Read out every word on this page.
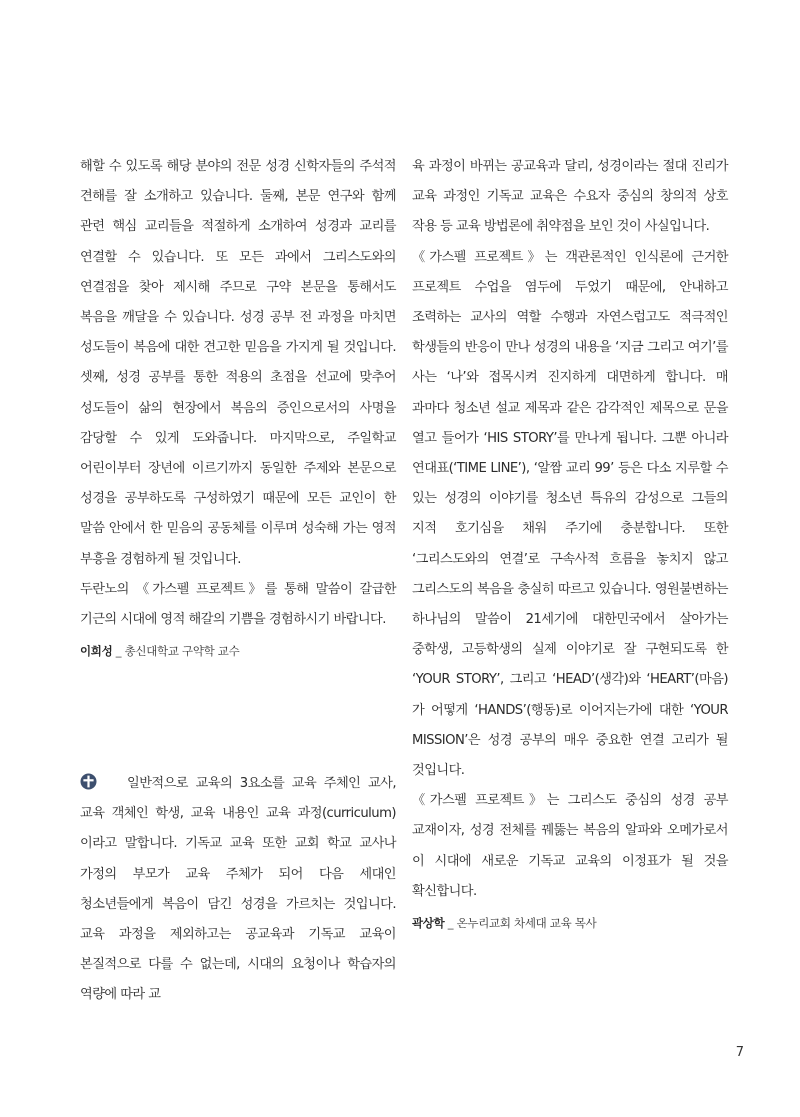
해할 수 있도록 해당 분야의 전문 성경 신학자들의 주석적 견해를 잘 소개하고 있습니다. 둘째, 본문 연구와 함께 관련 핵심 교리들을 적절하게 소개하여 성경과 교리를 연결할 수 있습니다. 또 모든 과에서 그리스도와의 연결점을 찾아 제시해 주므로 구약 본문을 통해서도 복음을 깨달을 수 있습니다. 성경 공부 전 과정을 마치면 성도들이 복음에 대한 견고한 믿음을 가지게 될 것입니다. 셋째, 성경 공부를 통한 적용의 초점을 선교에 맞추어 성도들이 삶의 현장에서 복음의 증인으로서의 사명을 감당할 수 있게 도와줍니다. 마지막으로, 주일학교 어린이부터 장년에 이르기까지 동일한 주제와 본문으로 성경을 공부하도록 구성하였기 때문에 모든 교인이 한 말씀 안에서 한 믿음의 공동체를 이루며 성숙해 가는 영적 부흥을 경험하게 될 것입니다.

두란노의 《가스펠 프로젝트》를 통해 말씀이 갈급한 기근의 시대에 영적 해갈의 기쁨을 경험하시기 바랍니다.

이희성 _ 총신대학교 구약학 교수

일반적으로 교육의 3요소를 교육 주체인 교사, 교육 객체인 학생, 교육 내용인 교육 과정(curriculum)이라고 말합니다. 기독교 교육 또한 교회 학교 교사나 가정의 부모가 교육 주체가 되어 다음 세대인 청소년들에게 복음이 담긴 성경을 가르치는 것입니다. 교육 과정을 제외하고는 공교육과 기독교 교육이 본질적으로 다를 수 없는데, 시대의 요청이나 학습자의 역량에 따라 교

육 과정이 바뀌는 공교육과 달리, 성경이라는 절대 진리가 교육 과정인 기독교 교육은 수요자 중심의 창의적 상호 작용 등 교육 방법론에 취약점을 보인 것이 사실입니다.

《가스펠 프로젝트》는 객관론적인 인식론에 근거한 프로젝트 수업을 염두에 두었기 때문에, 안내하고 조력하는 교사의 역할 수행과 자연스럽고도 적극적인 학생들의 반응이 만나 성경의 내용을 ‘지금 그리고 여기’를 사는 ‘나’와 접목시켜 진지하게 대면하게 합니다. 매 과마다 청소년 설교 제목과 같은 감각적인 제목으로 문을 열고 들어가 ‘HIS STORY’를 만나게 됩니다. 그뿐 아니라 연대표(‘TIME LINE’), ‘알짬 교리 99’ 등은 다소 지루할 수 있는 성경의 이야기를 청소년 특유의 감성으로 그들의 지적 호기심을 채워 주기에 충분합니다. 또한 ‘그리스도와의 연결’로 구속사적 흐름을 놓치지 않고 그리스도의 복음을 충실히 따르고 있습니다. 영원불변하는 하나님의 말씀이 21세기에 대한민국에서 살아가는 중학생, 고등학생의 실제 이야기로 잘 구현되도록 한 ‘YOUR STORY’, 그리고 ‘HEAD’(생각)와 ‘HEART’(마음)가 어떻게 ‘HANDS’(행동)로 이어지는가에 대한 ‘YOUR MISSION’은 성경 공부의 매우 중요한 연결 고리가 될 것입니다.

《가스펠 프로젝트》는 그리스도 중심의 성경 공부 교재이자, 성경 전체를 꿰뚫는 복음의 알파와 오메가로서 이 시대에 새로운 기독교 교육의 이정표가 될 것을 확신합니다.

곽상학 _ 온누리교회 차세대 교육 목사

7
